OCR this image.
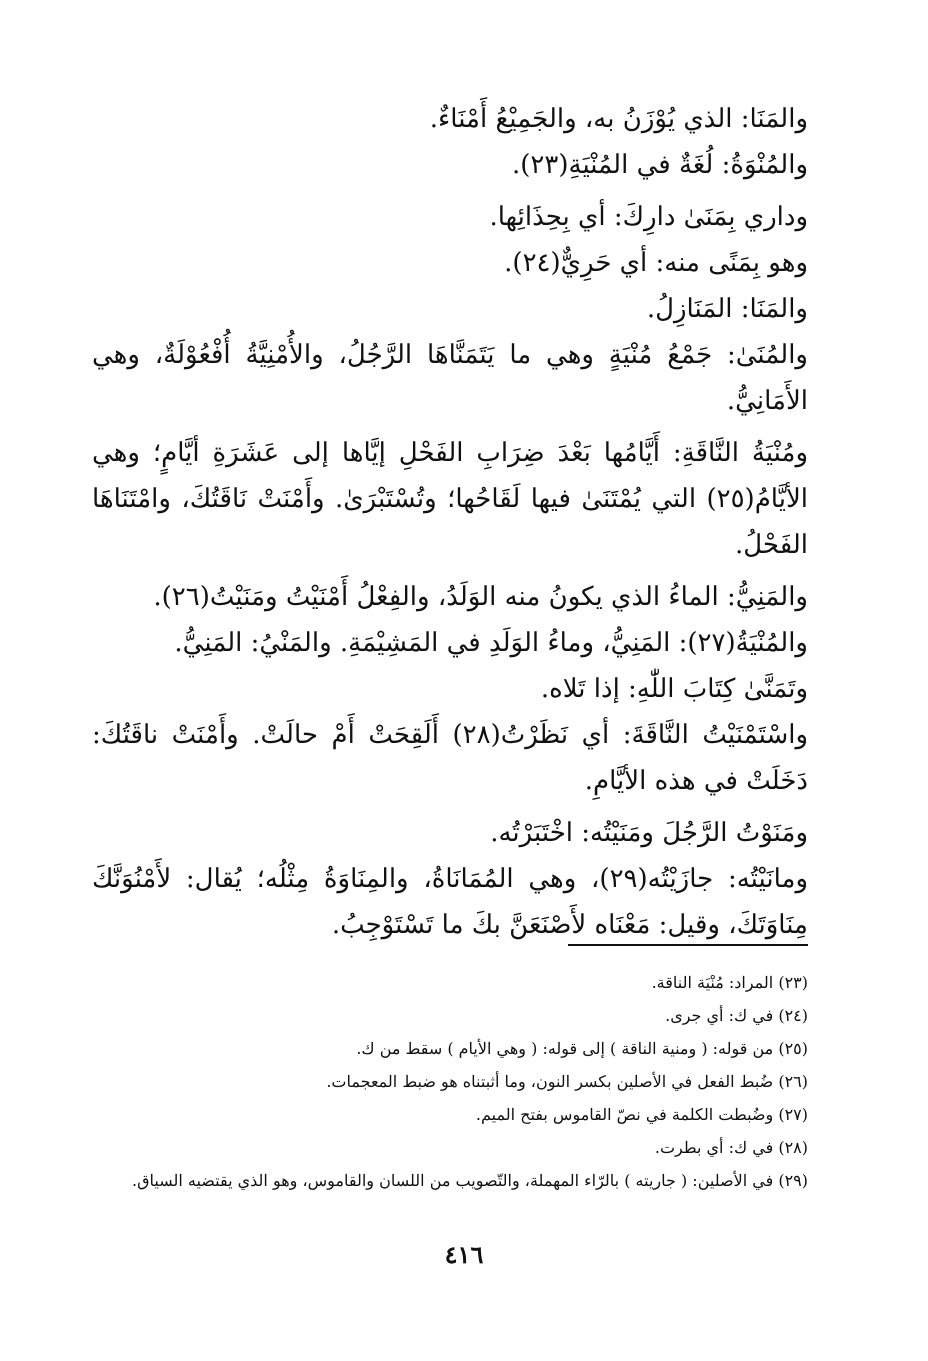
والمَنَا: الذي يُوْزَنُ به، والجَمِيْعُ أَمْنَاءٌ.

والمُنْوَةُ: لُغَةٌ في المُنْيَةِ(٢٣).

وداري بِمَنَىٰ دارِكَ: أي بِحِذَائِها.

وهو بِمَنًى منه: أي حَرِيٌّ(٢٤).

والمَنَا: المَنَازِلُ.

والمُنَىٰ: جَمْعُ مُنْيَةٍ وهي ما يَتَمَنَّاهَا الرَّجُلُ، والأُمْنِيَّةُ أُفْعُوْلَةٌ، وهي الأَمَانِيُّ.

ومُنْيَةُ النَّاقَةِ: أَيَّامُها بَعْدَ ضِرَابِ الفَحْلِ إيَّاها إلى عَشَرَةِ أيَّامٍ؛ وهي الأيَّامُ(٢٥) التي يُمْتَنَىٰ فيها لَقَاحُها؛ وتُسْتَبْرَىٰ. وأَمْنَتْ نَاقَتُكَ، وامْتَنَاهَا الفَحْلُ.

والمَنِيُّ: الماءُ الذي يكونُ منه الوَلَدُ، والفِعْلُ أَمْنَيْتُ ومَنَيْتُ(٢٦).

والمُنْيَةُ(٢٧): المَنِيُّ، وماءُ الوَلَدِ في المَشِيْمَةِ. والمَنْيُ: المَنِيُّ.

وتَمَنَّىٰ كِتَابَ اللّٰهِ: إذا تَلاه.

واسْتَمْنَيْتُ النَّاقَةَ: أي نَظَرْتُ(٢٨) أَلَقِحَتْ أَمْ حالَتْ. وأَمْنَتْ ناقَتُكَ: دَخَلَتْ في هذه الأيَّامِ.

ومَنَوْتُ الرَّجُلَ ومَنَيْتُه: اخْتَبَرْتُه.

ومانَيْتُه: جازَيْتُه(٢٩)، وهي المُمَانَاةُ، والمِنَاوَةُ مِثْلُه؛ يُقال: لأَمْنُوَنَّكَ مِنَاوَتَكَ، وقيل: مَعْنَاه لأَصْنَعَنَّ بكَ ما تَسْتَوْجِبُ.

(٢٣) المراد: مُنْيَة الناقة.

(٢٤) في ك: أي جرى.

(٢٥) من قوله: ( ومنية الناقة ) إلى قوله: ( وهي الأيام ) سقط من ك.

(٢٦) ضُبط الفعل في الأصلين بكسر النون، وما أثبتناه هو ضبط المعجمات.

(٢٧) وضُبطت الكلمة في نصّ القاموس بفتح الميم.

(٢٨) في ك: أي بطرت.

(٢٩) في الأصلين: ( جاريته ) بالرّاء المهملة، والتّصويب من اللسان والقاموس، وهو الذي يقتضيه السياق.

٤١٦
